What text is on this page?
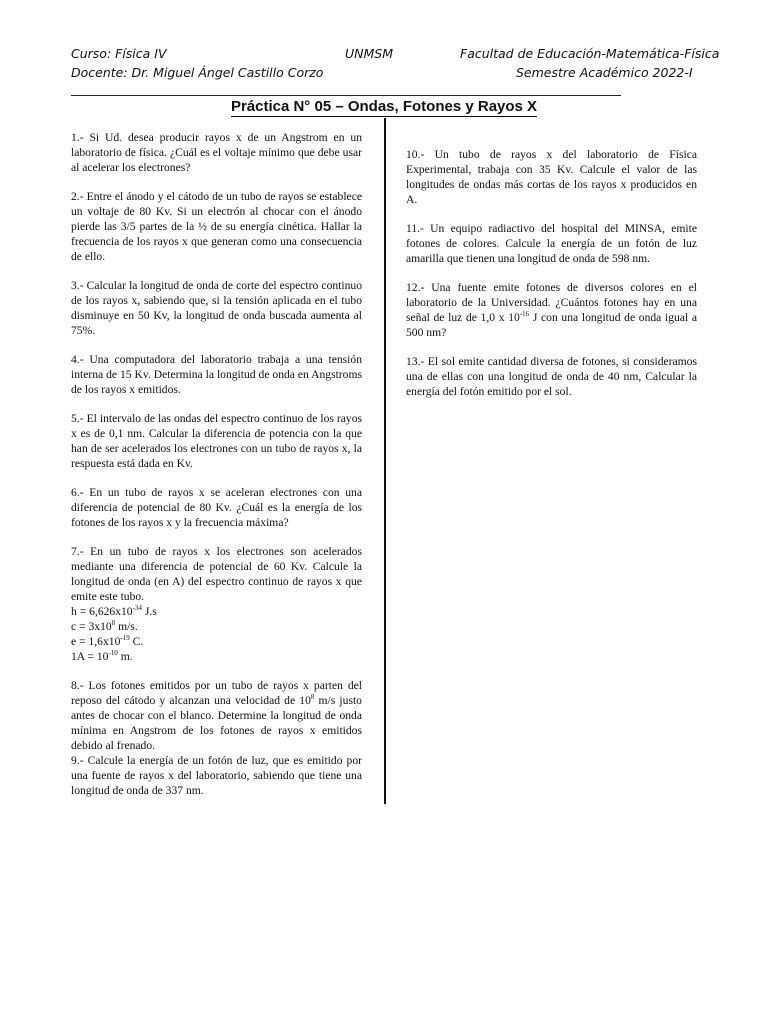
Curso: Física IV	UNMSM	Facultad de Educación-Matemática-Física
Docente: Dr. Miguel Ángel Castillo Corzo	Semestre Académico 2022-I
Práctica N° 05 – Ondas, Fotones y Rayos X

1.- Si Ud. desea producir rayos x de un Angstrom en un laboratorio de física. ¿Cuál es el voltaje mínimo que debe usar al acelerar los electrones?

2.- Entre el ánodo y el cátodo de un tubo de rayos se establece un voltaje de 80 Kv. Si un electrón al chocar con el ánodo pierde las 3/5 partes de la ½ de su energía cinética. Hallar la frecuencia de los rayos x que generan como una consecuencia de ello.

3.- Calcular la longitud de onda de corte del espectro continuo de los rayos x, sabiendo que, si la tensión aplicada en el tubo disminuye en 50 Kv, la longitud de onda buscada aumenta al 75%.

4.- Una computadora del laboratorio trabaja a una tensión interna de 15 Kv. Determina la longitud de onda en Angstroms de los rayos x emitidos.

5.- El intervalo de las ondas del espectro continuo de los rayos x es de 0,1 nm. Calcular la diferencia de potencia con la que han de ser acelerados los electrones con un tubo de rayos x, la respuesta está dada en Kv.

6.- En un tubo de rayos x se aceleran electrones con una diferencia de potencial de 80 Kv. ¿Cuál es la energía de los fotones de los rayos x y la frecuencia máxima?

7.- En un tubo de rayos x los electrones son acelerados mediante una diferencia de potencial de 60 Kv. Calcule la longitud de onda (en A) del espectro continuo de rayos x que emite este tubo.

$h = 6,626x10^{-34}$ J.s
$c = 3x10^8$ m/s.
$e = 1,6x10^{-19}$ C.
$1A = 10^{-10}$ m.

8.- Los fotones emitidos por un tubo de rayos x parten del reposo del cátodo y alcanzan una velocidad de $10^8$ m/s justo antes de chocar con el blanco. Determine la longitud de onda mínima en Angstrom de los fotones de rayos x emitidos debido al frenado.

9.- Calcule la energía de un fotón de luz, que es emitido por una fuente de rayos x del laboratorio, sabiendo que tiene una longitud de onda de 337 nm.

10.- Un tubo de rayos x del laboratorio de Física Experimental, trabaja con 35 Kv. Calcule el valor de las longitudes de ondas más cortas de los rayos x producidos en A.

11.- Un equipo radiactivo del hospital del MINSA, emite fotones de colores. Calcule la energía de un fotón de luz amarilla que tienen una longitud de onda de 598 nm.

12.- Una fuente emite fotones de diversos colores en el laboratorio de la Universidad. ¿Cuántos fotones hay en una señal de luz de 1,0 x $10^{-16}$ J con una longitud de onda igual a 500 nm?

13.- El sol emite cantidad diversa de fotones, si consideramos una de ellas con una longitud de onda de 40 nm, Calcular la energía del fotón emitido por el sol.
